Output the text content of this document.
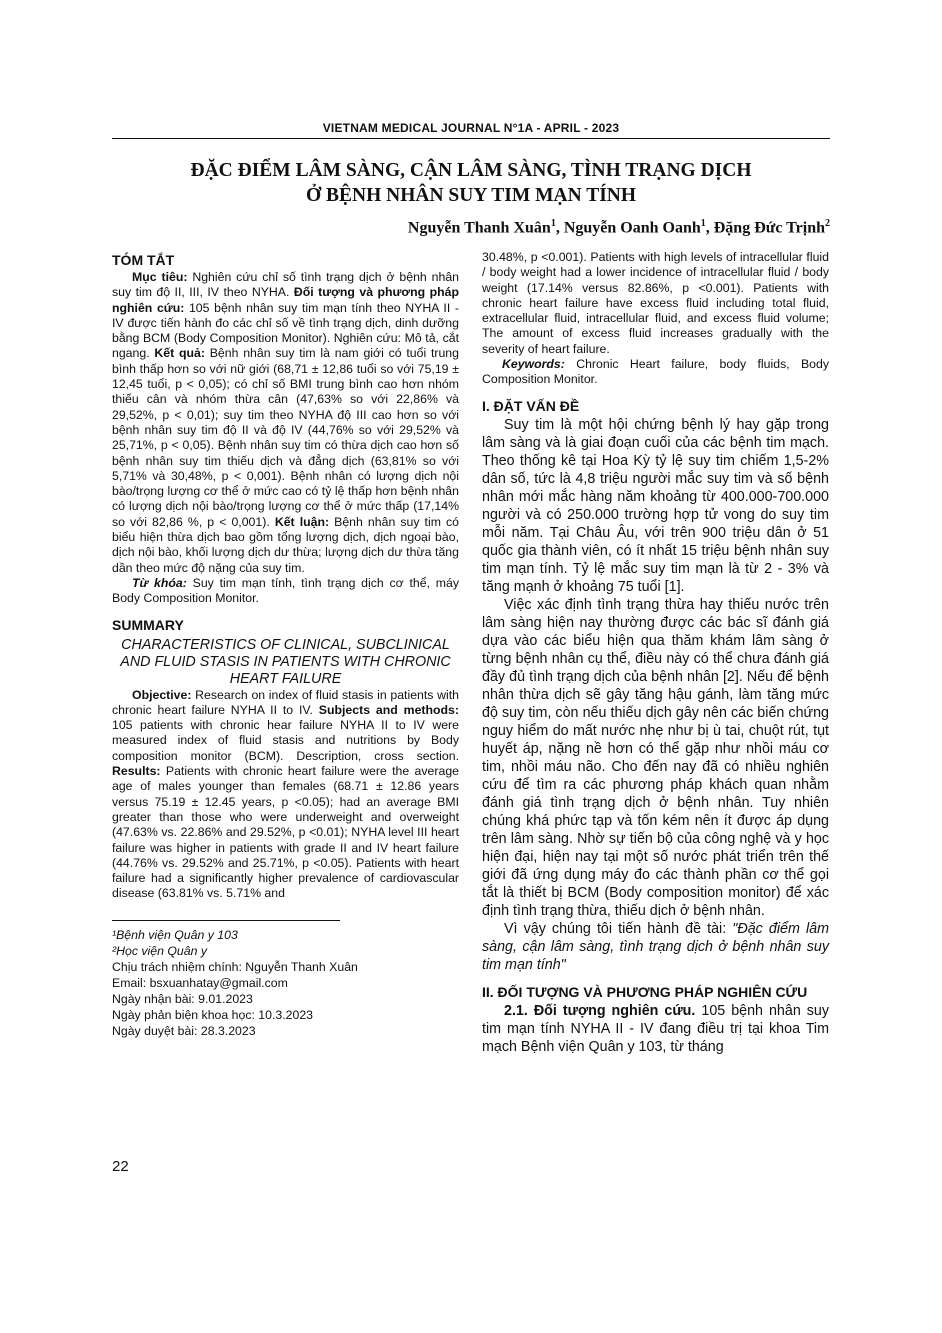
VIETNAM MEDICAL JOURNAL N°1A - APRIL - 2023
ĐẶC ĐIỂM LÂM SÀNG, CẬN LÂM SÀNG, TÌNH TRẠNG DỊCH
Ở BỆNH NHÂN SUY TIM MẠN TÍNH
Nguyễn Thanh Xuân$^1$, Nguyễn Oanh Oanh$^1$, Đặng Đức Trịnh$^2$

TÓM TẮT

Mục tiêu: Nghiên cứu chỉ số tình trạng dịch ở bệnh nhân suy tim độ II, III, IV theo NYHA. Đối tượng và phương pháp nghiên cứu: 105 bệnh nhân suy tim mạn tính theo NYHA II - IV được tiến hành đo các chỉ số về tình trạng dịch, dinh dưỡng bằng BCM (Body Composition Monitor). Nghiên cứu: Mô tả, cắt ngang. Kết quả: Bệnh nhân suy tim là nam giới có tuổi trung bình thấp hơn so với nữ giới (68,71 ± 12,86 tuổi so với 75,19 ± 12,45 tuổi, p < 0,05); có chỉ số BMI trung bình cao hơn nhóm thiếu cân và nhóm thừa cân (47,63% so với 22,86% và 29,52%, p < 0,01); suy tim theo NYHA độ III cao hơn so với bệnh nhân suy tim độ II và độ IV (44,76% so với 29,52% và 25,71%, p < 0,05). Bệnh nhân suy tim có thừa dịch cao hơn số bệnh nhân suy tim thiếu dịch và đẳng dịch (63,81% so với 5,71% và 30,48%, p < 0,001). Bệnh nhân có lượng dịch nội bào/trọng lượng cơ thể ở mức cao có tỷ lệ thấp hơn bệnh nhân có lượng dịch nội bào/trọng lượng cơ thể ở mức thấp (17,14% so với 82,86 %, p < 0,001). Kết luận: Bệnh nhân suy tim có biểu hiện thừa dịch bao gồm tổng lượng dịch, dịch ngoại bào, dịch nội bào, khối lượng dịch dư thừa; lượng dịch dư thừa tăng dần theo mức độ nặng của suy tim.

Từ khóa: Suy tim mạn tính, tình trạng dịch cơ thể, máy Body Composition Monitor.

SUMMARY

CHARACTERISTICS OF CLINICAL, SUBCLINICAL AND FLUID STASIS IN PATIENTS WITH CHRONIC HEART FAILURE

Objective: Research on index of fluid stasis in patients with chronic heart failure NYHA II to IV. Subjects and methods: 105 patients with chronic hear failure NYHA II to IV were measured index of fluid stasis and nutritions by Body composition monitor (BCM). Description, cross section. Results: Patients with chronic heart failure were the average age of males younger than females (68.71 ± 12.86 years versus 75.19 ± 12.45 years, p <0.05); had an average BMI greater than those who were underweight and overweight (47.63% vs. 22.86% and 29.52%, p <0.01); NYHA level III heart failure was higher in patients with grade II and IV heart failure (44.76% vs. 29.52% and 25.71%, p <0.05). Patients with heart failure had a significantly higher prevalence of cardiovascular disease (63.81% vs. 5.71% and

¹Bệnh viện Quân y 103

²Học viện Quân y

Chịu trách nhiệm chính: Nguyễn Thanh Xuân

Email: bsxuanhatay@gmail.com

Ngày nhận bài: 9.01.2023

Ngày phản biện khoa học: 10.3.2023

Ngày duyệt bài: 28.3.2023

30.48%, p <0.001). Patients with high levels of intracellular fluid / body weight had a lower incidence of intracellular fluid / body weight (17.14% versus 82.86%, p <0.001). Patients with chronic heart failure have excess fluid including total fluid, extracellular fluid, intracellular fluid, and excess fluid volume; The amount of excess fluid increases gradually with the severity of heart failure.

Keywords: Chronic Heart failure, body fluids, Body Composition Monitor.

I. ĐẶT VẤN ĐỀ

Suy tim là một hội chứng bệnh lý hay gặp trong lâm sàng và là giai đoạn cuối của các bệnh tim mạch. Theo thống kê tại Hoa Kỳ tỷ lệ suy tim chiếm 1,5-2% dân số, tức là 4,8 triệu người mắc suy tim và số bệnh nhân mới mắc hàng năm khoảng từ 400.000-700.000 người và có 250.000 trường hợp tử vong do suy tim mỗi năm. Tại Châu Âu, với trên 900 triệu dân ở 51 quốc gia thành viên, có ít nhất 15 triệu bệnh nhân suy tim mạn tính. Tỷ lệ mắc suy tim mạn là từ 2 - 3% và tăng mạnh ở khoảng 75 tuổi [1].

Việc xác định tình trạng thừa hay thiếu nước trên lâm sàng hiện nay thường được các bác sĩ đánh giá dựa vào các biểu hiện qua thăm khám lâm sàng ở từng bệnh nhân cụ thể, điều này có thể chưa đánh giá đầy đủ tình trạng dịch của bệnh nhân [2]. Nếu để bệnh nhân thừa dịch sẽ gây tăng hậu gánh, làm tăng mức độ suy tim, còn nếu thiếu dịch gây nên các biến chứng nguy hiểm do mất nước nhẹ như bị ù tai, chuột rút, tụt huyết áp, nặng nề hơn có thể gặp như nhồi máu cơ tim, nhồi máu não. Cho đến nay đã có nhiều nghiên cứu để tìm ra các phương pháp khách quan nhằm đánh giá tình trạng dịch ở bệnh nhân. Tuy nhiên chúng khá phức tạp và tốn kém nên ít được áp dụng trên lâm sàng. Nhờ sự tiến bộ của công nghệ và y học hiện đại, hiện nay tại một số nước phát triển trên thế giới đã ứng dụng máy đo các thành phần cơ thể gọi tắt là thiết bị BCM (Body composition monitor) để xác định tình trạng thừa, thiếu dịch ở bệnh nhân.

Vì vậy chúng tôi tiến hành đề tài: "Đặc điểm lâm sàng, cận lâm sàng, tình trạng dịch ở bệnh nhân suy tim mạn tính"

II. ĐỐI TƯỢNG VÀ PHƯƠNG PHÁP NGHIÊN CỨU

2.1. Đối tượng nghiên cứu. 105 bệnh nhân suy tim mạn tính NYHA II - IV đang điều trị tại khoa Tim mạch Bệnh viện Quân y 103, từ tháng

22
